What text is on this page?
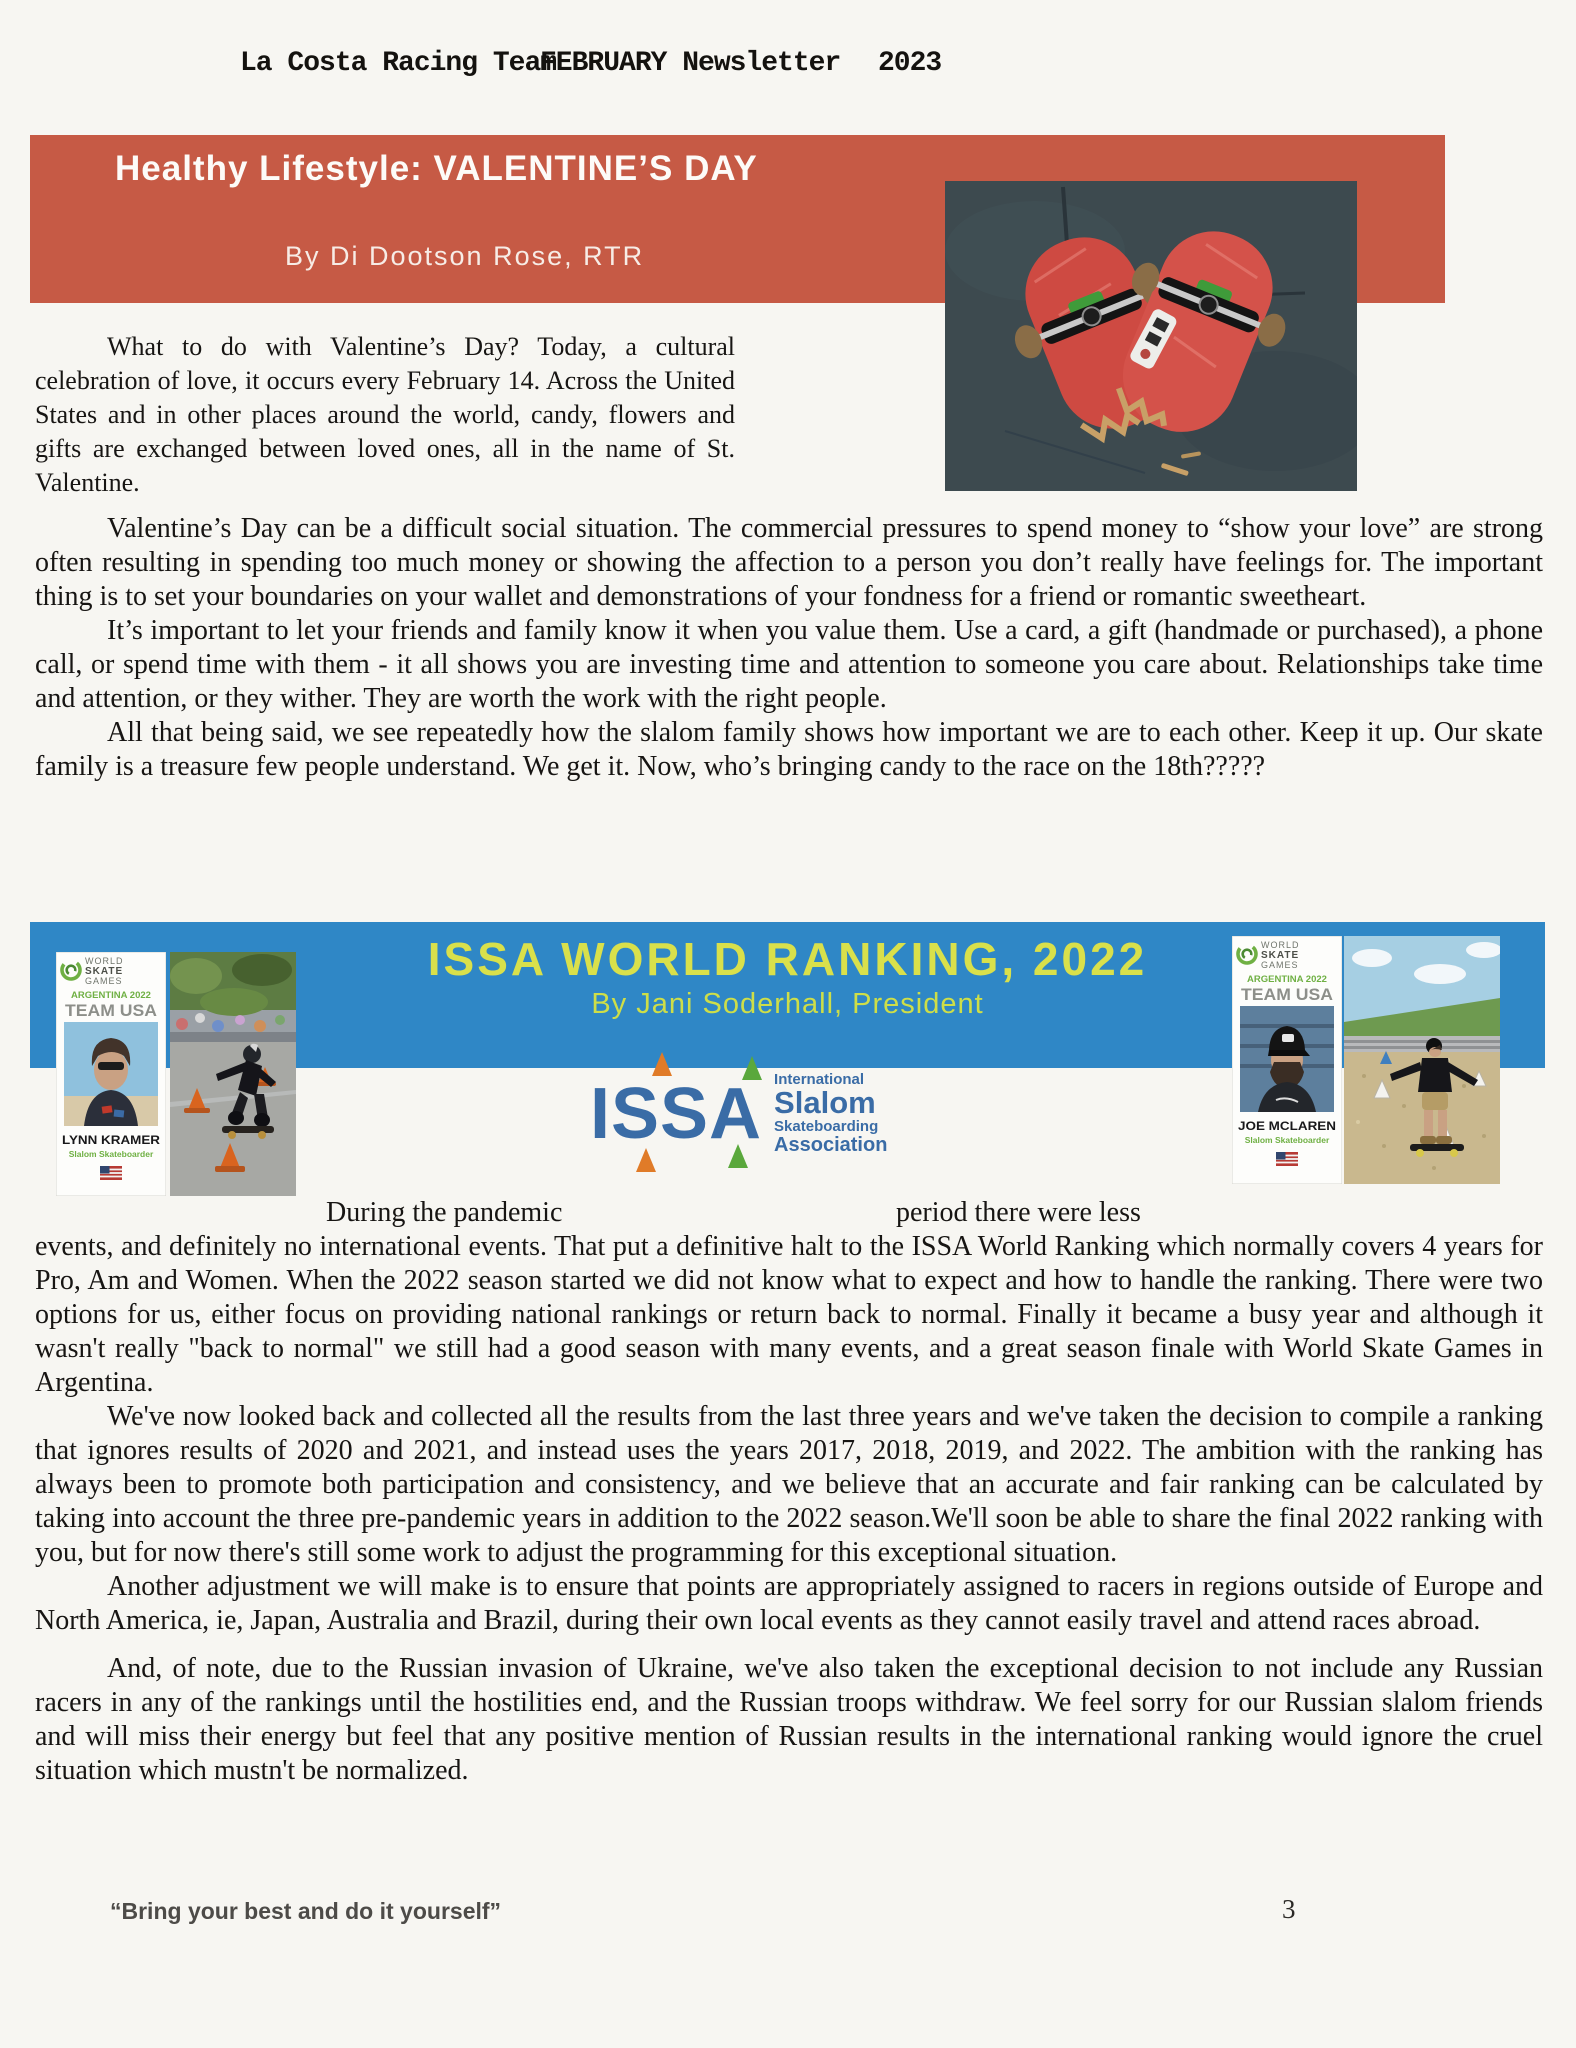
La Costa Racing Team
FEBRUARY Newsletter 2023
Healthy Lifestyle: VALENTINE’S DAY
By Di Dootson Rose, RTR

What to do with Valentine’s Day? Today, a cultural celebration of love, it occurs every February 14. Across the United States and in other places around the world, candy, flowers and gifts are exchanged between loved ones, all in the name of St. Valentine.

Valentine’s Day can be a difficult social situation. The commercial pressures to spend money to “show your love” are strong often resulting in spending too much money or showing the affection to a person you don’t really have feelings for. The important thing is to set your boundaries on your wallet and demonstrations of your fondness for a friend or romantic sweetheart.

It’s important to let your friends and family know it when you value them. Use a card, a gift (handmade or purchased), a phone call, or spend time with them - it all shows you are investing time and attention to someone you care about. Relationships take time and attention, or they wither. They are worth the work with the right people.

All that being said, we see repeatedly how the slalom family shows how important we are to each other. Keep it up. Our skate family is a treasure few people understand. We get it. Now, who’s bringing candy to the race on the 18th?????

ISSA WORLD RANKING, 2022
By Jani Soderhall, President
WORLD
SKATE
GAMES
ARGENTINA 2022
TEAM USA
LYNN KRAMER
Slalom Skateboarder
WORLD
SKATE
GAMES
ARGENTINA 2022
TEAM USA
JOE MCLAREN
Slalom Skateboarder
ISSA International
Slalom
Skateboarding
Association
During the pandemic	period there were less

events, and definitely no international events. That put a definitive halt to the ISSA World Ranking which normally covers 4 years for Pro, Am and Women. When the 2022 season started we did not know what to expect and how to handle the ranking. There were two options for us, either focus on providing national rankings or return back to normal. Finally it became a busy year and although it wasn't really "back to normal" we still had a good season with many events, and a great season finale with World Skate Games in Argentina.

We've now looked back and collected all the results from the last three years and we've taken the decision to compile a ranking that ignores results of 2020 and 2021, and instead uses the years 2017, 2018, 2019, and 2022. The ambition with the ranking has always been to promote both participation and consistency, and we believe that an accurate and fair ranking can be calculated by taking into account the three pre-pandemic years in addition to the 2022 season.We'll soon be able to share the final 2022 ranking with you, but for now there's still some work to adjust the programming for this exceptional situation.

Another adjustment we will make is to ensure that points are appropriately assigned to racers in regions outside of Europe and North America, ie, Japan, Australia and Brazil, during their own local events as they cannot easily travel and attend races abroad.

And, of note, due to the Russian invasion of Ukraine, we've also taken the exceptional decision to not include any Russian racers in any of the rankings until the hostilities end, and the Russian troops withdraw. We feel sorry for our Russian slalom friends and will miss their energy but feel that any positive mention of Russian results in the international ranking would ignore the cruel situation which mustn't be normalized.

“Bring your best and do it yourself”	3
